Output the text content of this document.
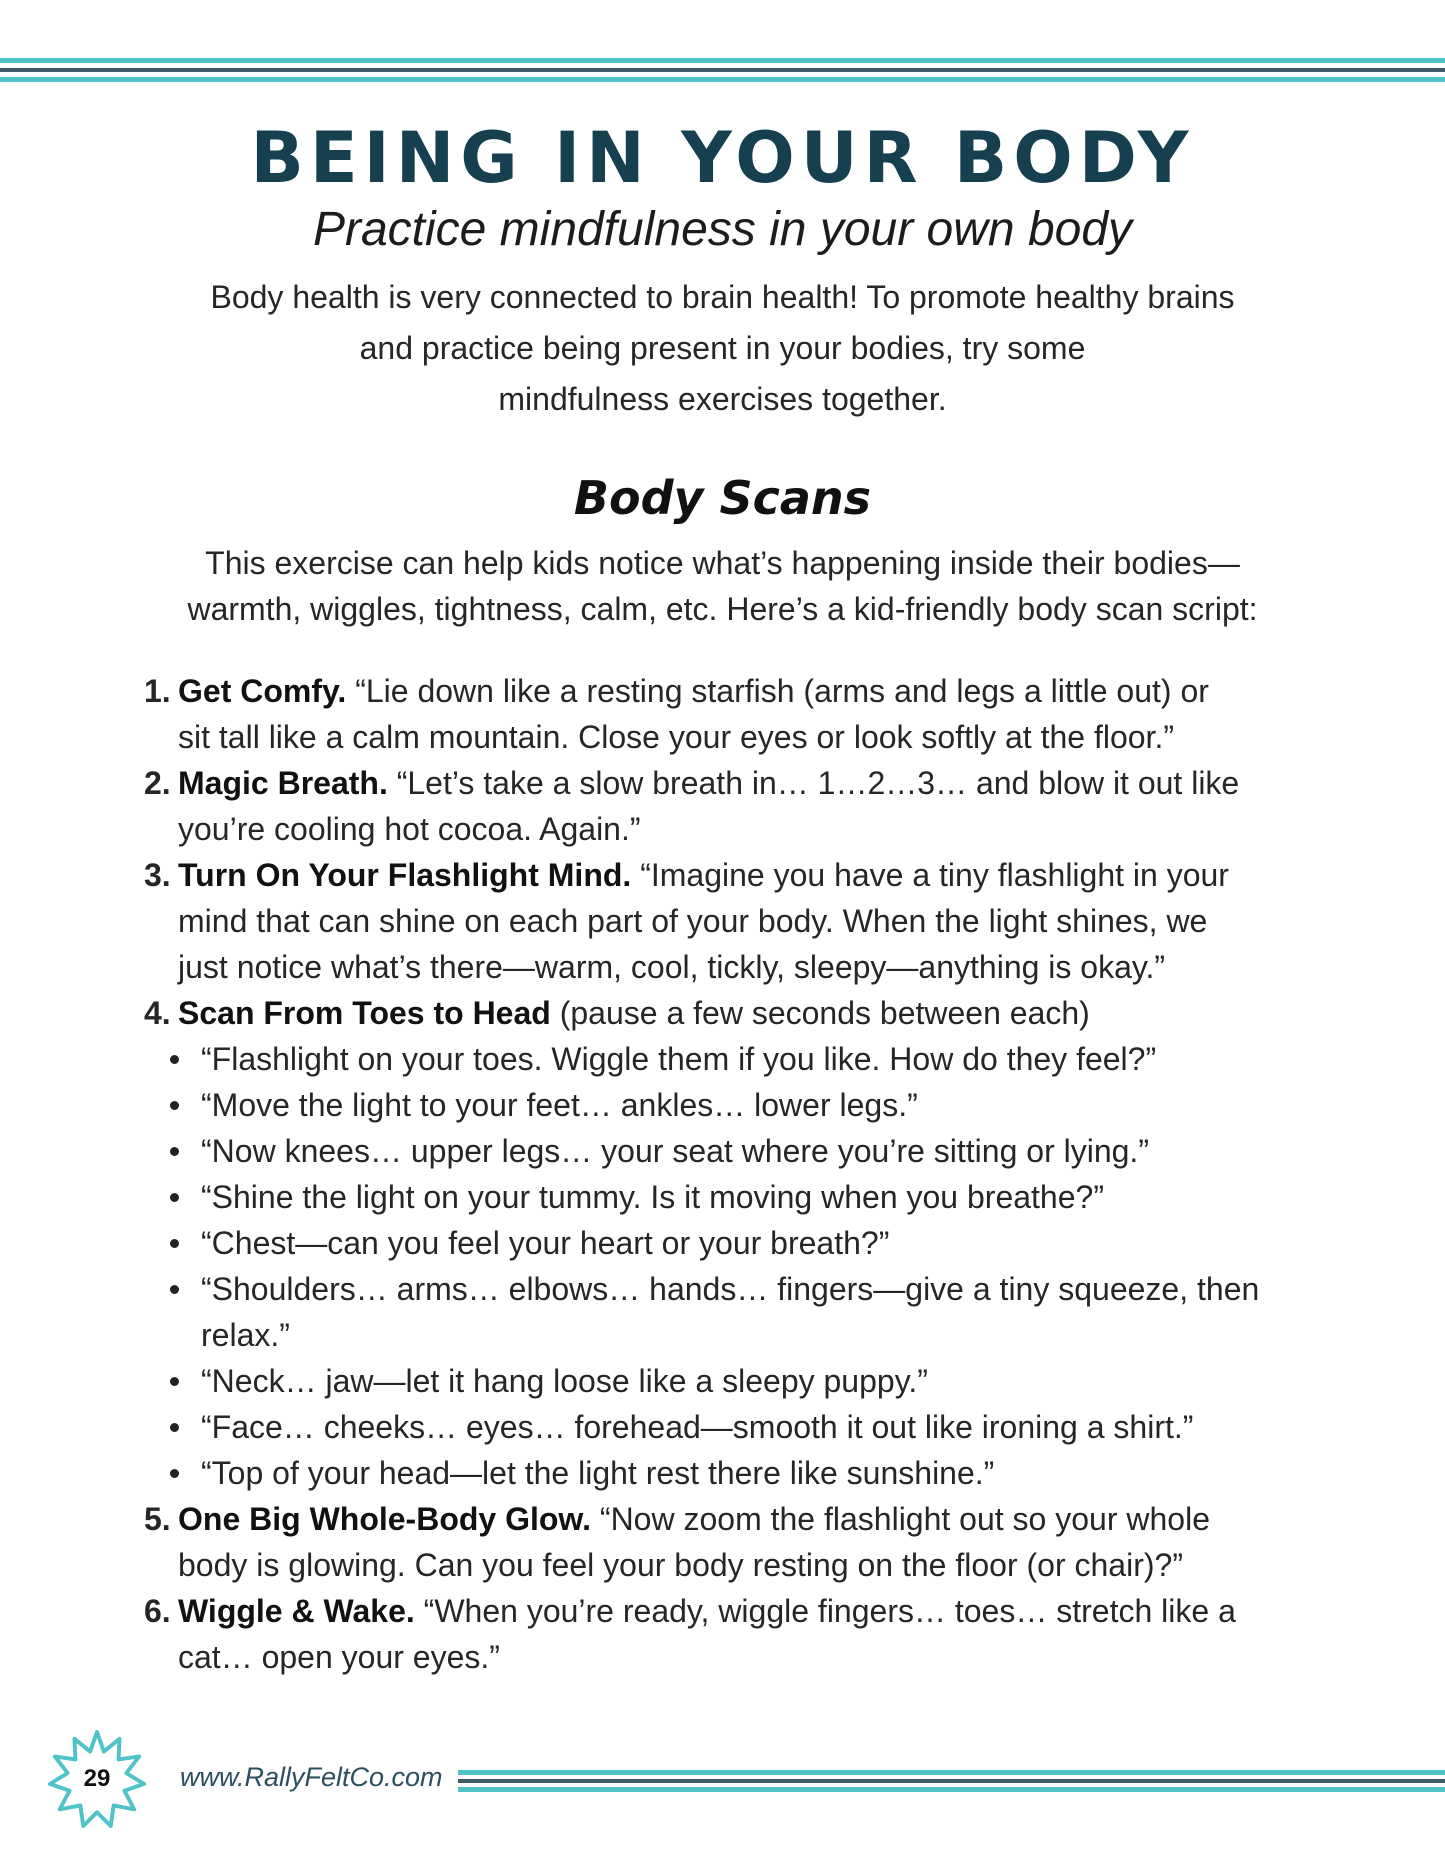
BEING IN YOUR BODY
Practice mindfulness in your own body

Body health is very connected to brain health! To promote healthy brains
and practice being present in your bodies, try some
mindfulness exercises together.

Body Scans

This exercise can help kids notice what’s happening inside their bodies—
warmth, wiggles, tightness, calm, etc. Here’s a kid-friendly body scan script:

1. Get Comfy. “Lie down like a resting starfish (arms and legs a little out) or
sit tall like a calm mountain. Close your eyes or look softly at the floor.”
2. Magic Breath. “Let’s take a slow breath in… 1…2…3… and blow it out like
you’re cooling hot cocoa. Again.”
3. Turn On Your Flashlight Mind. “Imagine you have a tiny flashlight in your
mind that can shine on each part of your body. When the light shines, we
just notice what’s there—warm, cool, tickly, sleepy—anything is okay.”
4. Scan From Toes to Head (pause a few seconds between each)
“Flashlight on your toes. Wiggle them if you like. How do they feel?”
“Move the light to your feet… ankles… lower legs.”
“Now knees… upper legs… your seat where you’re sitting or lying.”
“Shine the light on your tummy. Is it moving when you breathe?”
“Chest—can you feel your heart or your breath?”
“Shoulders… arms… elbows… hands… fingers—give a tiny squeeze, then
relax.”
“Neck… jaw—let it hang loose like a sleepy puppy.”
“Face… cheeks… eyes… forehead—smooth it out like ironing a shirt.”
“Top of your head—let the light rest there like sunshine.”
5. One Big Whole-Body Glow. “Now zoom the flashlight out so your whole
body is glowing. Can you feel your body resting on the floor (or chair)?”
6. Wiggle & Wake. “When you’re ready, wiggle fingers… toes… stretch like a
cat… open your eyes.”
29	www.RallyFeltCo.com
